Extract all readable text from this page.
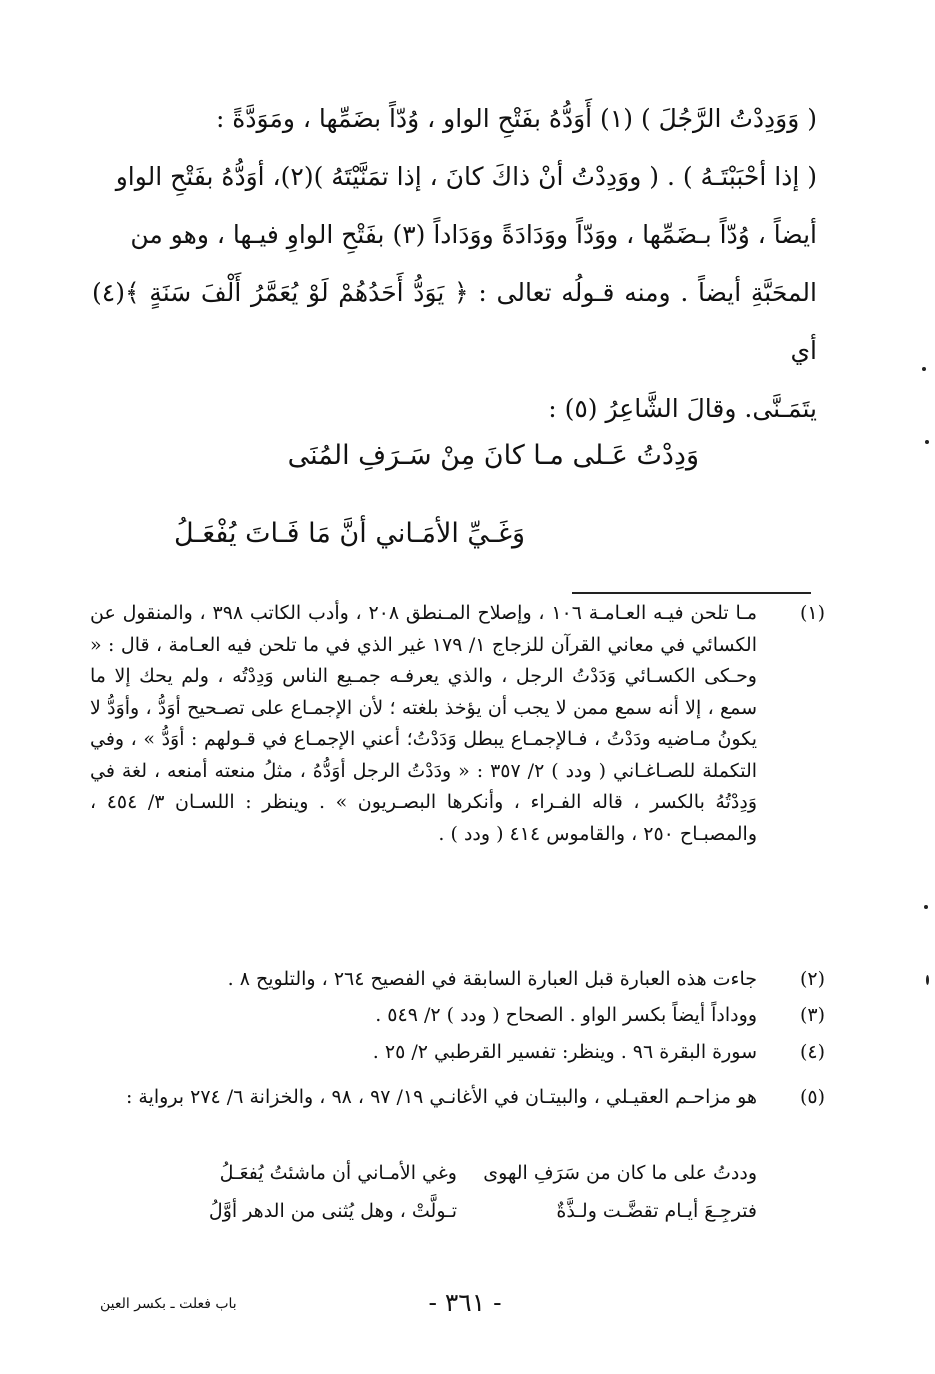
( وَوَدِدْتُ الرَّجُلَ ) (١) أَوَدُّهُ بفَتْحِ الواو ، وُدّاً بضَمِّها ، ومَوَدَّةً :

( إذا أحْبَبْتَـهُ ) . ( ووَدِدْتُ أنْ ذاكَ كانَ ، إذا تمَنَّيْتَهُ )(٢)، أوَدُّهُ بفَتْحِ الواو

أيضاً ، وُدّاً بـضَمِّها ، ووَدّاً ووَدَادَةً ووَدَاداً (٣) بفَتْحِ الواوِ فيـها ، وهو من

المحَبَّةِ أيضاً . ومنه قـولُه تعالى : ﴿ يَوَدُّ أَحَدُهُمْ لَوْ يُعَمَّرُ أَلْفَ سَنَةٍ ﴾(٤) أي

يتَمَـنَّى. وقالَ الشَّاعِرُ (٥) :

وَدِدْتُ عَـلى مـا كانَ مِنْ سَـرَفِ المُنَى
وَغَـيِّ الأمَـاني أنَّ مَا فَـاتَ يُفْعَـلُ
(١)
مـا تلحن فيـه العـامـة ١٠٦ ، وإصلاح المـنطق ٢٠٨ ، وأدب الكاتب ٣٩٨ ، والمنقول عن الكسائي في معاني القرآن للزجاج ١/ ١٧٩ غير الذي في ما تلحن فيه العـامة ، قال : « وحـكى الكسـائي وَدَدْتُ الرجل ، والذي يعرفـه جمـيع الناس وَدِدْتُه ، ولم يحك إلا ما سمع ، إلا أنه سمع ممن لا يجب أن يؤخذ بلغته ؛ لأن الإجمـاع على تصـحيح أوَدُّ ، وأوَدُّ لا يكونُ مـاضيه ودَدْتُ ، فـالإجمـاع يبطل وَدَدْتُ؛ أعني الإجمـاع في قـولهم : أوَدُّ » ، وفي التكملة للصـاغـاني ( ودد ) ٢/ ٣٥٧ : « ودَدْتُ الرجل أوَدُّهُ ، مثلُ منعته أمنعه ، لغة في وَدِدْتُهُ بالكسر ، قاله الفـراء ، وأنكرها البصـريون » . وينظر : اللسـان ٣/ ٤٥٤ ، والمصبـاح ٢٥٠ ، والقاموس ٤١٤ ( ودد ) .
(٢)
جاءت هذه العبارة قبل العبارة السابقة في الفصيح ٢٦٤ ، والتلويح ٨ .
(٣)
ووداداً أيضاً بكسر الواو . الصحاح ( ودد ) ٢/ ٥٤٩ .
(٤)
سورة البقرة ٩٦ . وينظر: تفسير القرطبي ٢/ ٢٥ .
(٥)
هو مزاحـم العقيـلي ، والبيتـان في الأغانـي ١٩/ ٩٧ ، ٩٨ ، والخزانة ٦/ ٢٧٤ برواية :
وددتُ على ما كان من سَرَفِ الهوى
وغي الأمـاني أن ماشئتُ يُفعَـلُ
فترجِـعَ أيـام تقضَّـت ولـذَّةٌ
تـولَّتْ ، وهل يُثنى من الدهر أوَّلُ
- ٣٦١ -
باب فعلت ـ بكسر العين
